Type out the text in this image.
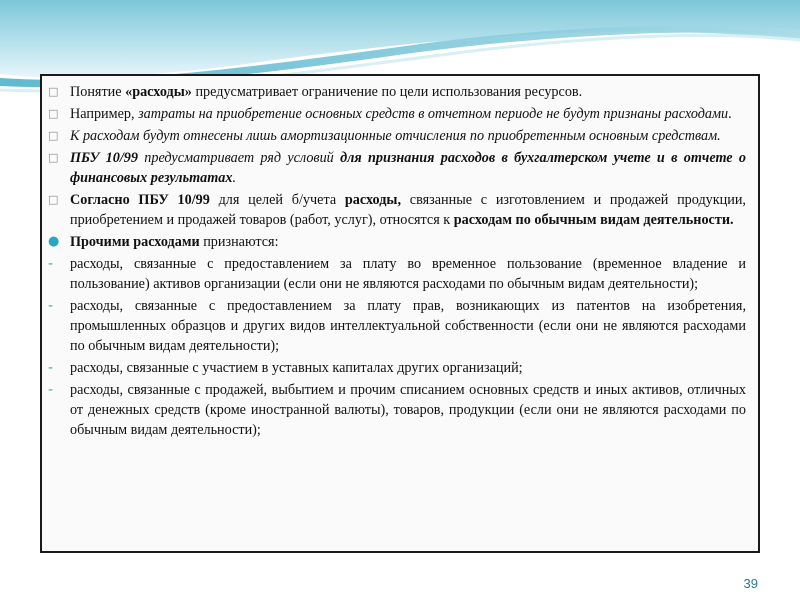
□ Понятие «расходы» предусматривает ограничение по цели использования ресурсов.
□ Например, затраты на приобретение основных средств в отчетном периоде не будут признаны расходами.
□ К расходам будут отнесены лишь амортизационные отчисления по приобретенным основным средствам.
□ ПБУ 10/99 предусматривает ряд условий для признания расходов в бухгалтерском учете и в отчете о финансовых результатах.
□ Согласно ПБУ 10/99 для целей б/учета расходы, связанные с изготовлением и продажей продукции, приобретением и продажей товаров (работ, услуг), относятся к расходам по обычным видам деятельности.
● Прочими расходами признаются:
-	расходы, связанные с предоставлением за плату во временное пользование (временное владение и пользование) активов организации (если они не являются расходами по обычным видам деятельности);
-	расходы, связанные с предоставлением за плату прав, возникающих из патентов на изобретения, промышленных образцов и других видов интеллектуальной собственности (если они не являются расходами по обычным видам деятельности);
-	расходы, связанные с участием в уставных капиталах других организаций;
-	расходы, связанные с продажей, выбытием и прочим списанием основных средств и иных активов, отличных от денежных средств (кроме иностранной валюты), товаров, продукции (если они не являются расходами по обычным видам деятельности);
39
